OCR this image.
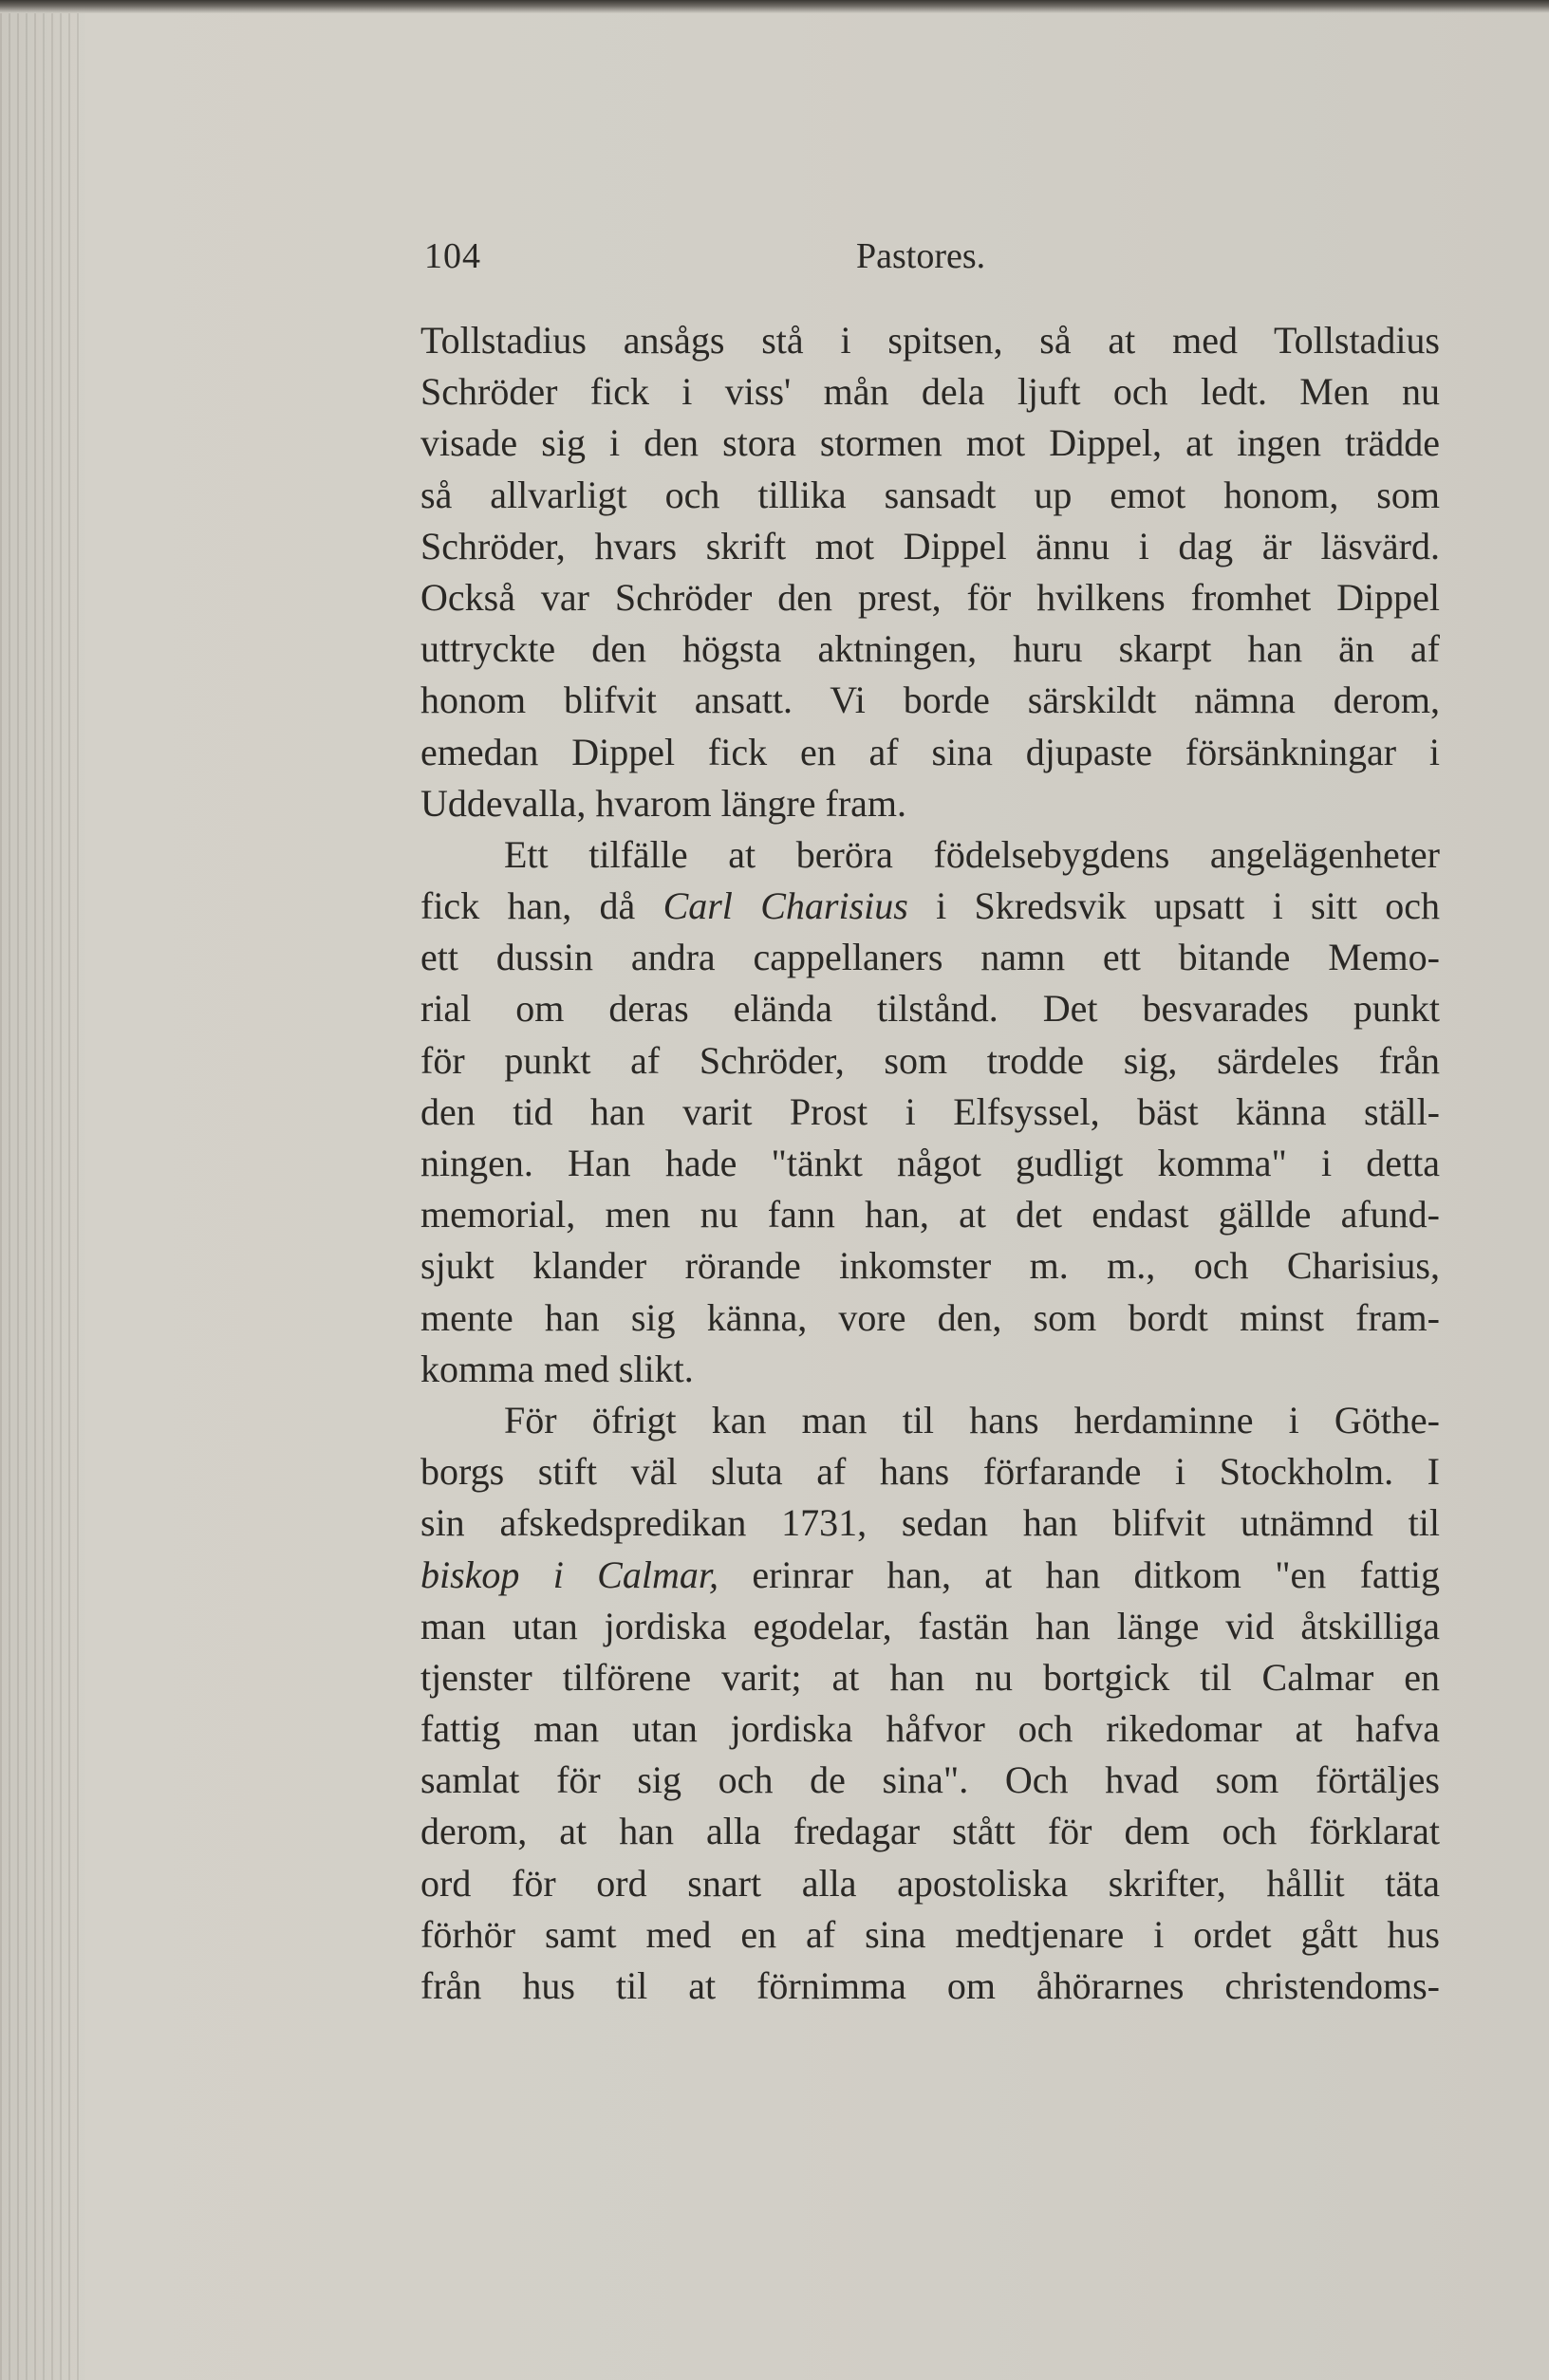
104	Pastores.
Tollstadius ansågs stå i spitsen, så at med Tollstadius
Schröder fick i viss' mån dela ljuft och ledt. Men nu
visade sig i den stora stormen mot Dippel, at ingen trädde
så allvarligt och tillika sansadt up emot honom, som
Schröder, hvars skrift mot Dippel ännu i dag är läsvärd.
Också var Schröder den prest, för hvilkens fromhet Dippel
uttryckte den högsta aktningen, huru skarpt han än af
honom blifvit ansatt. Vi borde särskildt nämna derom,
emedan Dippel fick en af sina djupaste försänkningar i
Uddevalla, hvarom längre fram.
Ett tilfälle at beröra födelsebygdens angelägenheter
fick han, då Carl Charisius i Skredsvik upsatt i sitt och
ett dussin andra cappellaners namn ett bitande Memo-
rial om deras elända tilstånd. Det besvarades punkt
för punkt af Schröder, som trodde sig, särdeles från
den tid han varit Prost i Elfsyssel, bäst känna ställ-
ningen. Han hade "tänkt något gudligt komma" i detta
memorial, men nu fann han, at det endast gällde afund-
sjukt klander rörande inkomster m. m., och Charisius,
mente han sig känna, vore den, som bordt minst fram-
komma med slikt.
För öfrigt kan man til hans herdaminne i Göthe-
borgs stift väl sluta af hans förfarande i Stockholm. I
sin afskedspredikan 1731, sedan han blifvit utnämnd til
biskop i Calmar, erinrar han, at han ditkom "en fattig
man utan jordiska egodelar, fastän han länge vid åtskilliga
tjenster tilförene varit; at han nu bortgick til Calmar en
fattig man utan jordiska håfvor och rikedomar at hafva
samlat för sig och de sina". Och hvad som förtäljes
derom, at han alla fredagar stått för dem och förklarat
ord för ord snart alla apostoliska skrifter, hållit täta
förhör samt med en af sina medtjenare i ordet gått hus
från hus til at förnimma om åhörarnes christendoms-
